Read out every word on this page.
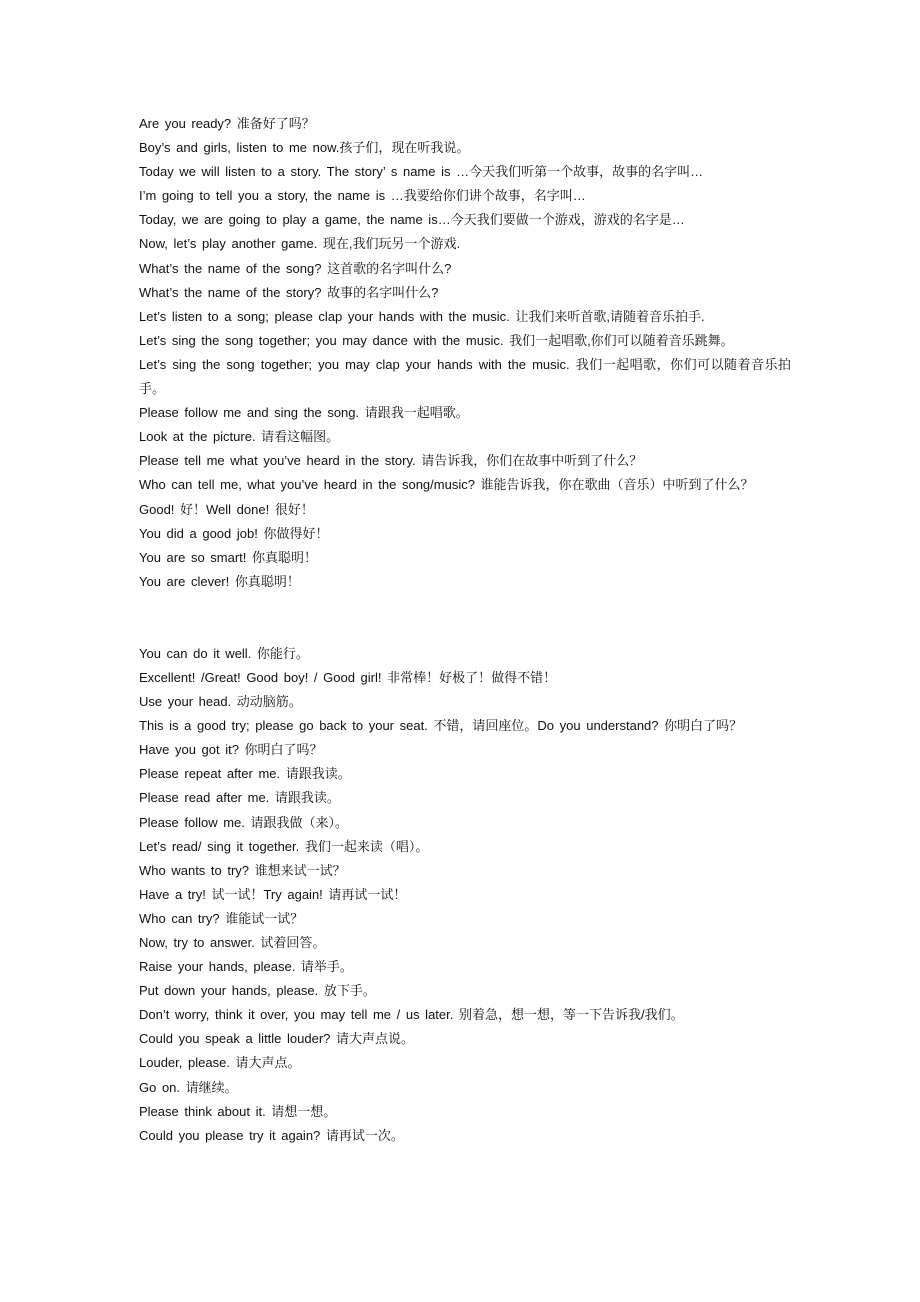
Are you ready? 准备好了吗？

Boy’s and girls, listen to me now.孩子们，现在听我说。

Today we will listen to a story. The story’ s name is …今天我们听第一个故事，故事的名字叫…

I’m going to tell you a story, the name is …我要给你们讲个故事，名字叫…

Today, we are going to play a game, the name is…今天我们要做一个游戏，游戏的名字是…

Now, let’s play another game. 现在,我们玩另一个游戏.

What’s the name of the song? 这首歌的名字叫什么?

What’s the name of the story? 故事的名字叫什么?

Let’s listen to a song; please clap your hands with the music. 让我们来听首歌,请随着音乐拍手.

Let’s sing the song together; you may dance with the music. 我们一起唱歌,你们可以随着音乐跳舞。

Let’s sing the song together; you may clap your hands with the music. 我们一起唱歌，你们可以随着音乐拍手。

Please follow me and sing the song. 请跟我一起唱歌。

Look at the picture. 请看这幅图。

Please tell me what you’ve heard in the story. 请告诉我，你们在故事中听到了什么？

Who can tell me, what you’ve heard in the song/music? 谁能告诉我，你在歌曲（音乐）中听到了什么？

Good! 好！Well done! 很好！

You did a good job! 你做得好！

You are so smart! 你真聪明！

You are clever! 你真聪明！

You can do it well. 你能行。

Excellent! /Great! Good boy! / Good girl! 非常棒！好极了！做得不错！

Use your head. 动动脑筋。

This is a good try; please go back to your seat. 不错，请回座位。Do you understand? 你明白了吗？

Have you got it? 你明白了吗？

Please repeat after me. 请跟我读。

Please read after me. 请跟我读。

Please follow me. 请跟我做（来）。

Let’s read/ sing it together. 我们一起来读（唱）。

Who wants to try? 谁想来试一试？

Have a try! 试一试！Try again! 请再试一试！

Who can try? 谁能试一试？

Now, try to answer. 试着回答。

Raise your hands, please. 请举手。

Put down your hands, please. 放下手。

Don’t worry, think it over, you may tell me / us later. 别着急，想一想，等一下告诉我/我们。

Could you speak a little louder? 请大声点说。

Louder, please. 请大声点。

Go on. 请继续。

Please think about it. 请想一想。

Could you please try it again? 请再试一次。
